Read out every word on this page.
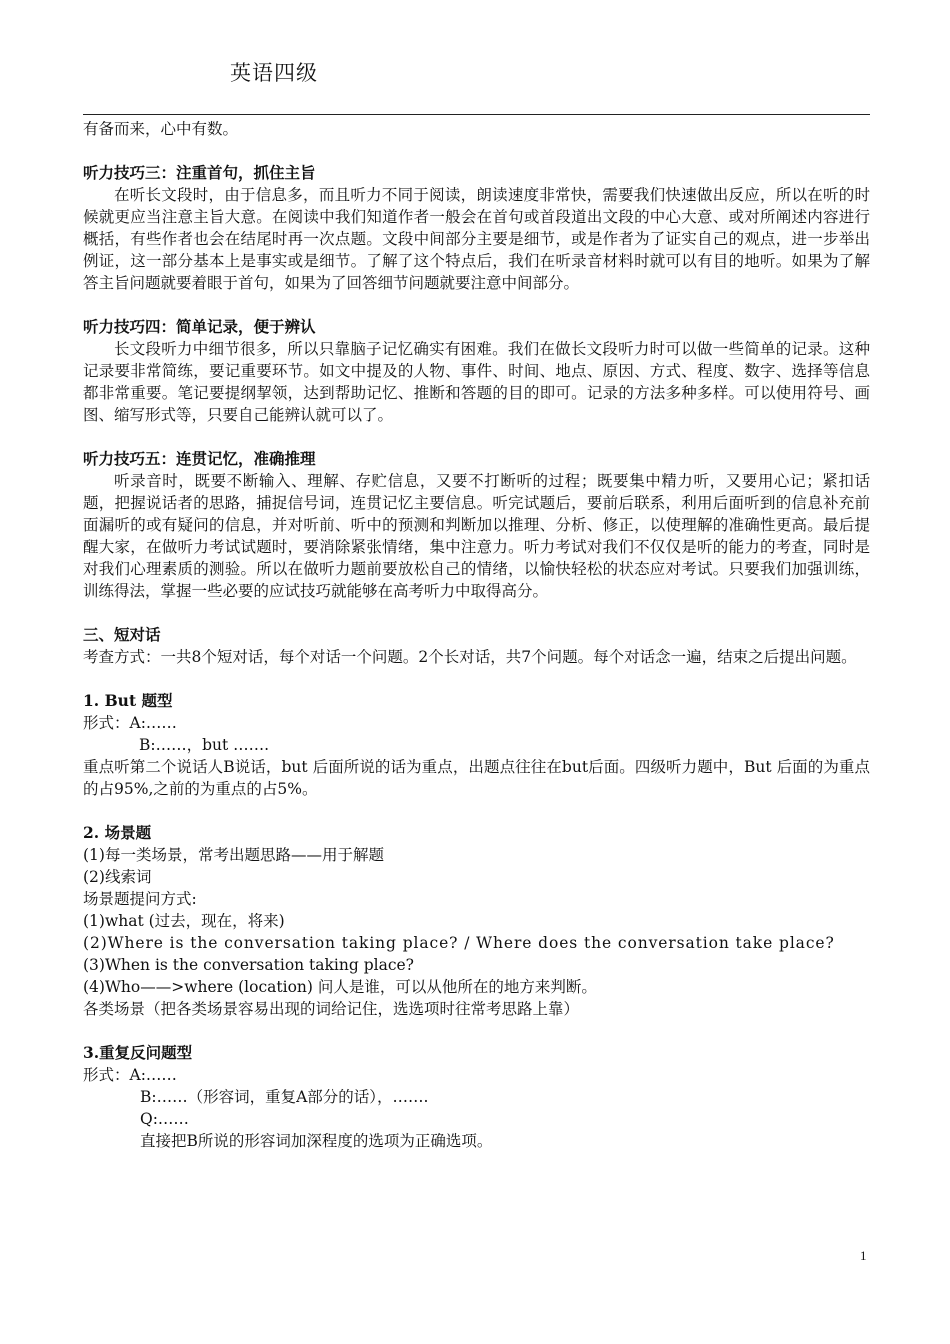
英语四级

有备而来，心中有数。

听力技巧三：注重首句，抓住主旨

在听长文段时，由于信息多，而且听力不同于阅读，朗读速度非常快，需要我们快速做出反应，所以在听的时候就更应当注意主旨大意。在阅读中我们知道作者一般会在首句或首段道出文段的中心大意、或对所阐述内容进行概括，有些作者也会在结尾时再一次点题。文段中间部分主要是细节，或是作者为了证实自己的观点，进一步举出例证，这一部分基本上是事实或是细节。了解了这个特点后，我们在听录音材料时就可以有目的地听。如果为了解答主旨问题就要着眼于首句，如果为了回答细节问题就要注意中间部分。

听力技巧四：简单记录，便于辨认

长文段听力中细节很多，所以只靠脑子记忆确实有困难。我们在做长文段听力时可以做一些简单的记录。这种记录要非常简练，要记重要环节。如文中提及的人物、事件、时间、地点、原因、方式、程度、数字、选择等信息都非常重要。笔记要提纲挈领，达到帮助记忆、推断和答题的目的即可。记录的方法多种多样。可以使用符号、画图、缩写形式等，只要自己能辨认就可以了。

听力技巧五：连贯记忆，准确推理

听录音时，既要不断输入、理解、存贮信息，又要不打断听的过程；既要集中精力听，又要用心记；紧扣话题，把握说话者的思路，捕捉信号词，连贯记忆主要信息。听完试题后，要前后联系，利用后面听到的信息补充前面漏听的或有疑问的信息，并对听前、听中的预测和判断加以推理、分析、修正，以使理解的准确性更高。最后提醒大家，在做听力考试试题时，要消除紧张情绪，集中注意力。听力考试对我们不仅仅是听的能力的考查，同时是对我们心理素质的测验。所以在做听力题前要放松自己的情绪，以愉快轻松的状态应对考试。只要我们加强训练，训练得法，掌握一些必要的应试技巧就能够在高考听力中取得高分。

三、短对话

考查方式：一共8个短对话，每个对话一个问题。2个长对话，共7个问题。每个对话念一遍，结束之后提出问题。

1. But 题型

形式：A:……

B:……，but …….

重点听第二个说话人B说话，but 后面所说的话为重点，出题点往往在but后面。四级听力题中，But 后面的为重点的占95%,之前的为重点的占5%。

2. 场景题

(1)每一类场景，常考出题思路——用于解题

(2)线索词

场景题提问方式:

(1)what (过去，现在，将来)

(2)Where is the conversation taking place? / Where does the conversation take place?

(3)When is the conversation taking place?

(4)Who——>where (location) 问人是谁，可以从他所在的地方来判断。

各类场景（把各类场景容易出现的词给记住，选选项时往常考思路上靠）

3.重复反问题型

形式：A:……

B:……（形容词，重复A部分的话），…….

Q:……

直接把B所说的形容词加深程度的选项为正确选项。

1
